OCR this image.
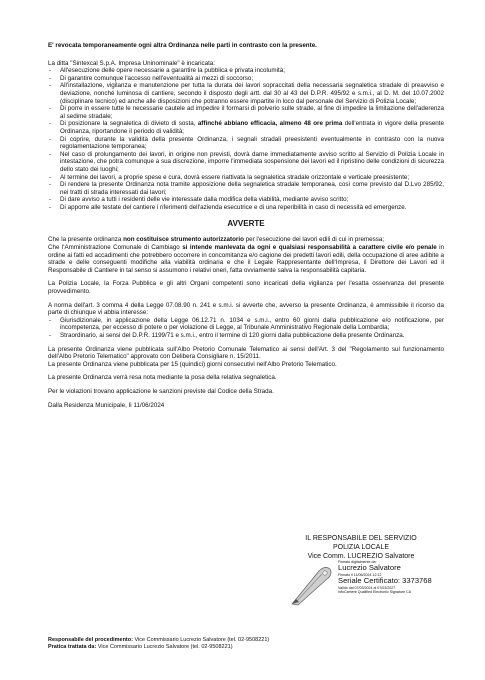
E' revocata temporaneamente ogni altra Ordinanza nelle parti in contrasto con la presente.

La ditta "Sintexcal S.p.A. Impresa Uninominale" è incaricata:

- All'esecuzione delle opere necessarie a garantire la pubblica e privata incolumità;
- Di garantire comunque l'accesso nell'eventualità ai mezzi di soccorso;
- All'installazione, vigilanza e manutenzione per tutta la durata dei lavori sopraccitati della necessaria segnaletica stradale di preavviso e deviazione, nonché luminosa di cantiere, secondo il disposto degli artt. dal 30 al 43 del D.P.R. 495/92 e s.m.i., al D. M. del 10.07.2002 (disciplinare tecnico) ed anche alle disposizioni che potranno essere impartite in loco dal personale del Servizio di Polizia Locale;
- Di porre in essere tutte le necessarie cautele ad impedire il formarsi di polverio sulle strade, al fine di impedire la limitazione dell'aderenza al sedime stradale;
- Di posizionare la segnaletica di divieto di sosta, affinché abbiano efficacia, almeno 48 ore prima dell'entrata in vigore della presente Ordinanza, riportandone il periodo di validità;
- Di coprire, durante la validità della presente Ordinanza, i segnali stradali preesistenti eventualmente in contrasto con la nuova regolamentazione temporanea;
- Nel caso di prolungamento dei lavori, in origine non previsti, dovrà darne immediatamente avviso scritto al Servizio di Polizia Locale in intestazione, che potrà comunque a sua discrezione, imporre l'immediata sospensione dei lavori ed il ripristino delle condizioni di sicurezza dello stato dei luoghi;
- Al termine dei lavori, a proprie spese e cura, dovrà essere riattivata la segnaletica stradale orizzontale e verticale preesistente;
- Di rendere la presente Ordinanza nota tramite apposizione della segnaletica stradale temporanea, così come previsto dal D.Lvo 285/92, nei tratti di strada interessati dai lavori;
- Di dare avviso a tutti i residenti delle vie interessate dalla modifica della viabilità, mediante avviso scritto;
- Di apporre alle testate del cantiere i riferimenti dell'azienda esecutrice e di una reperibilità in caso di necessità ed emergenze.
AVVERTE

Che la presente ordinanza non costituisce strumento autorizzatorio per l'esecuzione dei lavori edili di cui in premessa;

Che l'Amministrazione Comunale di Cambiago si intende manlevata da ogni e qualsiasi responsabilità a carattere civile e/o penale in ordine ai fatti ed accadimenti che potrebbero occorrere in concomitanza e/o cagione dei predetti lavori edili, della occupazione di aree adibite a strade e delle conseguenti modifiche alla viabilità ordinaria e che il Legale Rappresentante dell'Impresa, il Direttore dei Lavori ed il Responsabile di Cantiere in tal senso si assumono i relativi oneri, fatta ovviamente salva la responsabilità capitaria.

La Polizia Locale, la Forza Pubblica e gli altri Organi competenti sono incaricati della vigilanza per l'esatta osservanza del presente provvedimento.

A norma dell'art. 3 comma 4 della Legge 07.08.90 n. 241 e s.m.i. si avverte che, avverso la presente Ordinanza, è ammissibile il ricorso da parte di chiunque vi abbia interesse:

- Giurisdizionale, in applicazione della Legge 06.12.71 n. 1034 e s.m.i., entro 60 giorni dalla pubblicazione e/o notificazione, per incompetenza, per eccesso di potere o per violazione di Legge, al Tribunale Amministrativo Regionale della Lombardia;
- Straordinario, ai sensi del D.P.R. 1199/71 e s.m.i., entro il termine di 120 giorni dalla pubblicazione della presente Ordinanza.

La presente Ordinanza viene pubblicata sull'Albo Pretorio Comunale Telematico ai sensi dell'Art. 3 del "Regolamento sul funzionamento dell'Albo Pretorio Telematico" approvato con Delibera Consigliare n. 15/2011.

La presente Ordinanza viene pubblicata per 15 (quindici) giorni consecutivi nell'Albo Pretorio Telematico.

La presente Ordinanza verrà resa nota mediante la posa della relativa segnaletica.

Per le violazioni trovano applicazione le sanzioni previste dal Codice della Strada.

Dalla Residenza Municipale, lì 11/06/2024

IL RESPONSABILE DEL SERVIZIO
POLIZIA LOCALE
Vice Comm. LUCREZIO Salvatore
Firmato digitalmente da:
Lucrezio Salvatore
Firmato il 11/06/2024 12:12
Seriale Certificato: 3373768
Valido dal 07/03/2024 al 07/03/2027
InfoCamere Qualified Electronic Signature CA
Responsabile del procedimento: Vice Commissario Lucrezio Salvatore (tel. 02-9508221)
Pratica trattata da: Vice Commissario Lucrezio Salvatore (tel. 02-9508221)
